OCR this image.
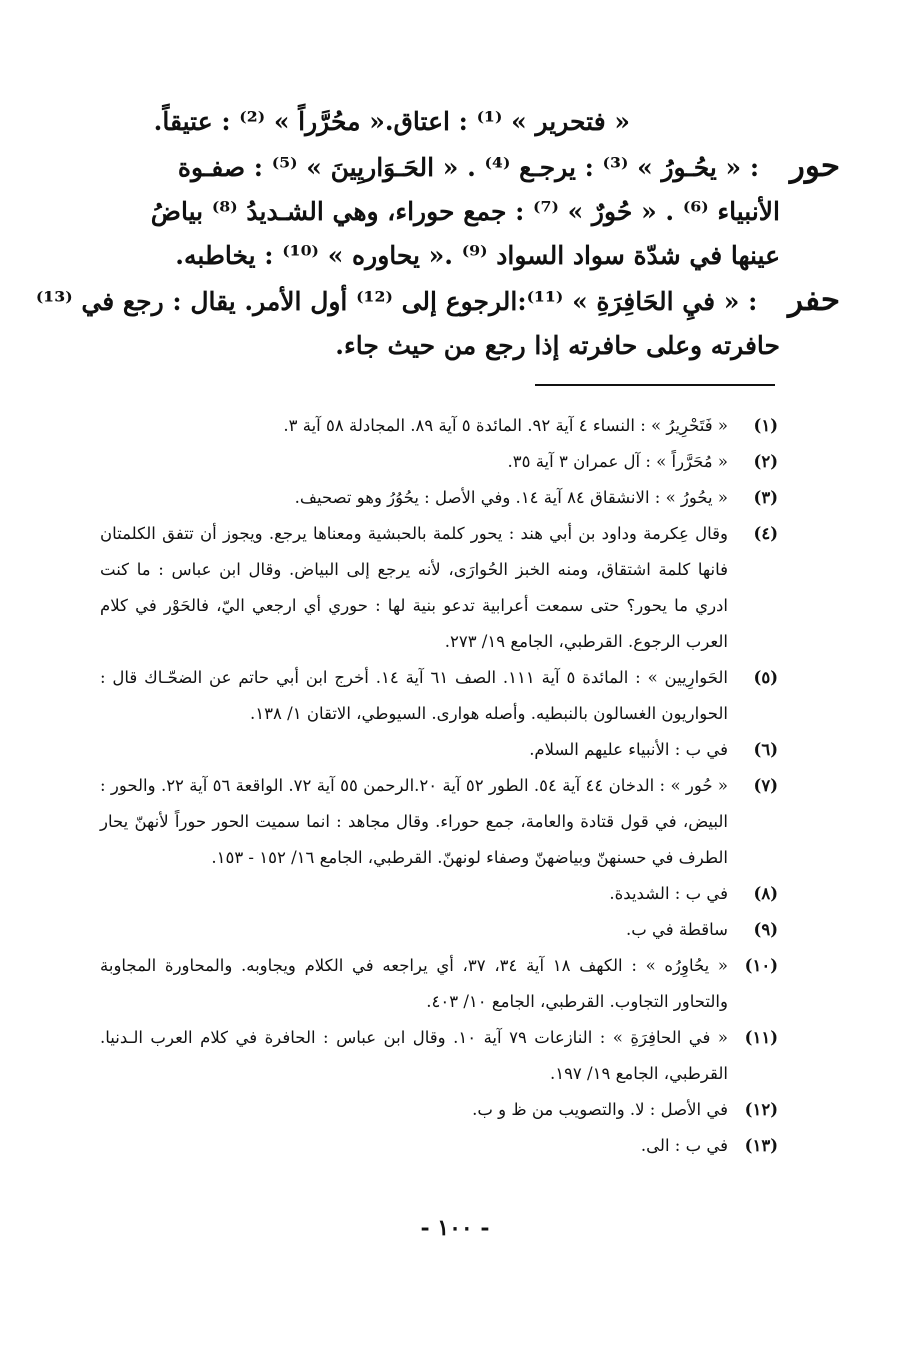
« فتحرير » ⁽¹⁾ : اعتاق.« محُرَّراً » ⁽²⁾ : عتيقاً.
حور : « يحُـورُ » ⁽³⁾ : يرجـع ⁽⁴⁾ . « الحَـوَاريِينَ » ⁽⁵⁾ : صفـوة
الأنبياء ⁽⁶⁾ . « حُورٌ » ⁽⁷⁾ : جمع حوراء، وهي الشـديدُ ⁽⁸⁾ بياضُ
عينها في شدّة سواد السواد ⁽⁹⁾ .« يحاوره » ⁽¹⁰⁾ : يخاطبه.
حفر : « فيِ الحَافِرَةِ » ⁽¹¹⁾:الرجوع إلى ⁽¹²⁾ أول الأمر. يقال : رجع في ⁽¹³⁾
حافرته وعلى حافرته إذا رجع من حيث جاء.
(١)
« فَتَحْرِيرُ » : النساء ٤ آية ٩٢. المائدة ٥ آية ٨٩. المجادلة ٥٨ آية ٣.
(٢)
« مُحَرَّراً » : آل عمران ٣ آية ٣٥.
(٣)
« يحُورُ » : الانشقاق ٨٤ آية ١٤. وفي الأصل : يحُوُرُ وهو تصحيف.
(٤)
وقال عِكرمة وداود بن أبي هند : يحور كلمة بالحبشية ومعناها يرجع. ويجوز أن تتفق الكلمتان فانها كلمة اشتقاق، ومنه الخبز الحُوارَى، لأنه يرجع إلى البياض. وقال ابن عباس : ما كنت ادري ما يحور؟ حتى سمعت أعرابية تدعو بنية لها : حوري أي ارجعي اليّ، فالحَوْر في كلام العرب الرجوع. القرطبي، الجامع ١٩/ ٢٧٣.
(٥)
الحَوارِيين » : المائدة ٥ آية ١١١. الصف ٦١ آية ١٤. أخرج ابن أبي حاتم عن الضحّـاك قال : الحواريون الغسالون بالنبطيه. وأصله هوارى. السيوطي، الاتقان ١/ ١٣٨.
(٦)
في ب : الأنبياء عليهم السلام.
(٧)
« حُور » : الدخان ٤٤ آية ٥٤. الطور ٥٢ آية ٢٠.الرحمن ٥٥ آية ٧٢. الواقعة ٥٦ آية ٢٢. والحور : البيض، في قول قتادة والعامة، جمع حوراء. وقال مجاهد : انما سميت الحور حوراً لأنهنّ يحار الطرف في حسنهنّ وبياضهنّ وصفاء لونهنّ. القرطبي، الجامع ١٦/ ١٥٢ - ١٥٣.
(٨)
في ب : الشديدة.
(٩)
ساقطة في ب.
(١٠)
« يحُاوِرُه » : الكهف ١٨ آية ٣٤، ٣٧، أي يراجعه في الكلام ويجاوبه. والمحاورة المجاوبة والتحاور التجاوب. القرطبي، الجامع ١٠/ ٤٠٣.
(١١)
« في الحافِرَةِ » : النازعات ٧٩ آية ١٠. وقال ابن عباس : الحافرة في كلام العرب الـدنيا. القرطبي، الجامع ١٩/ ١٩٧.
(١٢)
في الأصل : لا. والتصويب من ظ و ب.
(١٣)
في ب : الى.
- ١٠٠ -
